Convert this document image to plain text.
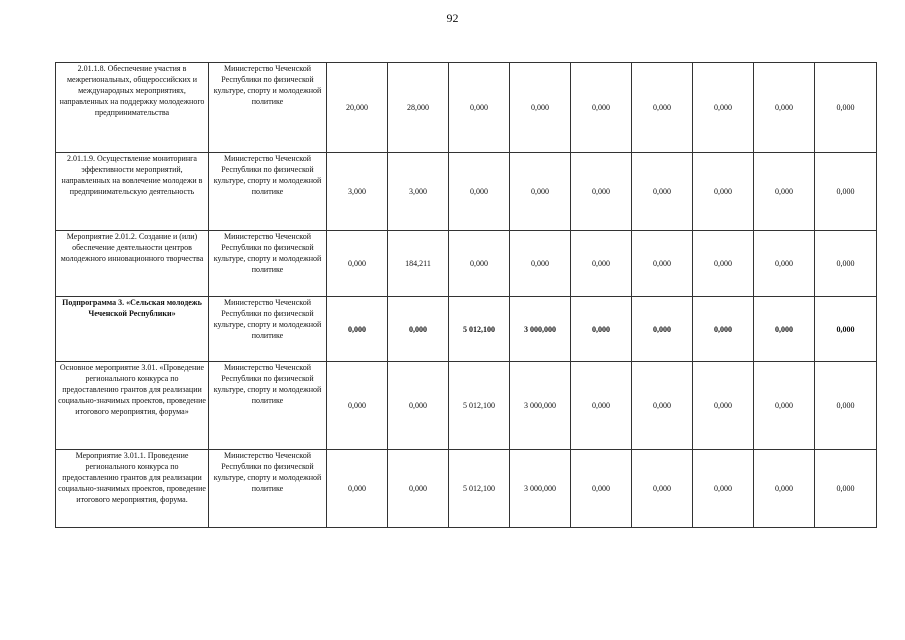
92
2.01.1.8. Обеспечение участия в межрегиональных, общероссийских и международных мероприятиях, направленных на поддержку молодежного предпринимательства	Министерство Чеченской Республики по физической культуре, спорту и молодежной политике	20,000	28,000	0,000	0,000	0,000	0,000	0,000	0,000	0,000
2.01.1.9. Осуществление мониторинга эффективности мероприятий, направленных на вовлечение молодежи в предпринимательскую деятельность	Министерство Чеченской Республики по физической культуре, спорту и молодежной политике	3,000	3,000	0,000	0,000	0,000	0,000	0,000	0,000	0,000
Мероприятие 2.01.2. Создание и (или) обеспечение деятельности центров молодежного инновационного творчества	Министерство Чеченской Республики по физической культуре, спорту и молодежной политике	0,000	184,211	0,000	0,000	0,000	0,000	0,000	0,000	0,000
Подпрограмма 3. «Сельская молодежь Чеченской Республики»	Министерство Чеченской Республики по физической культуре, спорту и молодежной политике	0,000	0,000	5 012,100	3 000,000	0,000	0,000	0,000	0,000	0,000
Основное мероприятие 3.01. «Проведение регионального конкурса по предоставлению грантов для реализации социально-значимых проектов, проведение итогового мероприятия, форума»	Министерство Чеченской Республики по физической культуре, спорту и молодежной политике	0,000	0,000	5 012,100	3 000,000	0,000	0,000	0,000	0,000	0,000
Мероприятие 3.01.1. Проведение регионального конкурса по предоставлению грантов для реализации социально-значимых проектов, проведение итогового мероприятия, форума.	Министерство Чеченской Республики по физической культуре, спорту и молодежной политике	0,000	0,000	5 012,100	3 000,000	0,000	0,000	0,000	0,000	0,000
